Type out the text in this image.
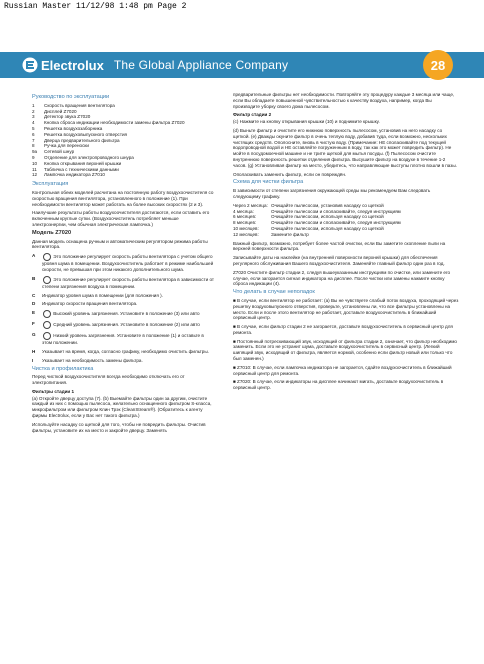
Russian Master 11/12/98 1:48 pm Page 2
Electrolux The Global Appliance Company	28
Руководство по эксплуатации
1	Скорость вращения вентилятора
2	Дисплей Z7020
3	Детектор звука Z7020
4	Кнопка сброса индикации необходимости замены фильтра Z7020
5	Решетка воздухозаборника
6	Решетка воздуховыпускного отверстия
7	Дверца предварительного фильтра
8	Ручка для переноски
9a	Сетевой шнур
9	Отделение для электропроводного шнура
10	Кнопка открывания верхней крышки
11	Табличка с техническими данными
12	Лампочка индикатора Z7010
Эксплуатация
Контрольная обеих моделей расчитана на постоянную работу воздухоочистителя со скоростью вращения вентилятора, установленного в положение (1). При необходимости вентилятор может работать на более высоких скоростях (2 и 3).
Наилучшие результаты работы воздухоочистителя достигаются, если оставить его включенным круглые сутки. (Воздухоочиститель потребляет меньше электроэнергии, чем обычная электрическая лампочка.)
Модель Z7020
Данная модель оснащена ручным и автоматическим регулятором режима работы вентилятора.
A	Это положение регулирует скорость работы вентилятора с учетом общего уровня шума в помещении. Воздухоочиститель работает в режиме наибольшей скорости, не превышая при этом никакого дополнительного шума.
B	Это положение регулирует скорость работы вентилятора в зависимости от степени загрязнения воздуха в помещении.
C	Индикатор уровня шума в помещении (для положения ).
D	Индикатор скорости вращения вентилятора.
E	Высокий уровень загрязнения. Установите в положение (3) или авто
F	Средний уровень загрязнения. Установите в положение (2) или авто
G	Низкий уровень загрязнения. Установите в положение (1) и оставьте в этом положении.
H	Указывает на время, когда, согласно графику, необходимо очистить фильтры.
I	Указывает на необходимость замены фильтра.
Чистка и профилактика
Перед чисткой воздухоочистителя всегда необходимо отключать его от электропитания.
Фильтры стадии 1
(a) Откройте дверцу доступа (7). (b) Выемайте фильтры один за другим, очистите каждый из них с помощью пылесоса, желательно оснащенного фильтром S-класса, микрофильтром или фильтром Клин Трэк (CleanStream®). (Обратитесь к агенту фирмы Electrolux, если у Вас нет такого фильтра.)
Используйте насадку со щеткой для того, чтобы не повредить фильтры. Очистив фильтры, установите их на место и закройте дверцу. Заменять
предварительные фильтры нет необходимости. Повторяйте эту процедуру каждые 3 месяца или чаще, если Вы обладаете повышенной чувствительностью к качеству воздуха, например, когда Вы производите уборку своего дома пылесосом.
Фильтр стадии 2
(c) Нажмите на кнопку открывания крышки (10) и поднимите крышку.
(d) Выньте фильтр и очистите его нижнюю поверхность пылесосом, установив на него насадку со щеткой. (e) Дважды окуните фильтр в очень теплую воду, добавив туда, если возможно, нескольких чистящих средств. Ополосните, вновь в чистую воду. (Примечание: НЕ споласкивайте под текущей водопроводной водой и НЕ оставляйте погруженным в воду, так как это может повредить фильтр). Не мойте в посудомоечной машине и не трите щеткой для мытья посуды. (f) Пылесосом очистите внутреннюю поверхность решетки отделения фильтра. Высушите фильтр на воздухе в течение 1-2 часов. (g) Установливая фильтр на место, убедитесь, что направляющие выступы плотно вошли в пазы.
Ополаскивать заменить фильтр, если он повреждён.
Схема для чистки фильтра
В зависимости от степени загрязнения окружающей среды мы рекомендуем Вам следовать следующему графику.
Через 2 месяца: Очищайте пылесосом, установив насадку со щеткой
4 месяца:	Очищайте пылесосом и споласкивайте, следуя инструкциям
6 месяцев:	Очищайте пылесосом, используя насадку со щеткой
8 месяцев:	Очищайте пылесосом и споласкивайте, следуя инструкциям
10 месяцев:	Очищайте пылесосом, используя насадку со щеткой
12 месяцев:	Замените фильтр
Важный фильтр, возможно, потребует более частой очистки, если Вы заметите скопление пыли на верхней поверхности фильтра.
Записывайте даты на наклейке (на внутренней поверхности верхней крышки) для обеспечения регулярного обслуживания Вашего воздухоочистителя. Заменяйте главный фильтр один раз в год.
Z7020 Очистите фильтр стадии 2, следуя вышеуказанным инструкциям по очистке, или замените его случае, если загорается сигнал индикатора на дисплее. После чистки или замены нажмите кнопку сброса индикации (4).
Что делать в случае неполадок
■ В случае, если вентилятор не работает: (а) Вы не чувствуете слабый поток воздуха, проходящий через решетку воздуховыпускного отверстия, проверьте, установлены ли, что все фильтры установлены на место. Если и после этого вентилятор не работает, доставьте воздухоочиститель в ближайший сервисный центр.
■ В случае, если фильтр стадии 2 не загорается, доставьте воздухоочиститель в сервисный центр для ремонта.
■ Постоянный потрескивающий звук, исходящий от фильтра стадии 2, означает, что фильтр необходимо заменить. Если это не устранит шума, доставьте воздухоочиститель в сервисный центр. (Легкий шипящий звук, исходящий от фильтра, является нормой, особенно если фильтр новый или только что был заменен.)
■ Z7010: В случае, если лампочка индикатора не загорается, сдайте воздухоочиститель в ближайший сервисный центр для ремонта.
■ Z7020: В случае, если индикаторы на дисплее начинают мигать, доставьте воздухоочиститель в сервисный центр.
